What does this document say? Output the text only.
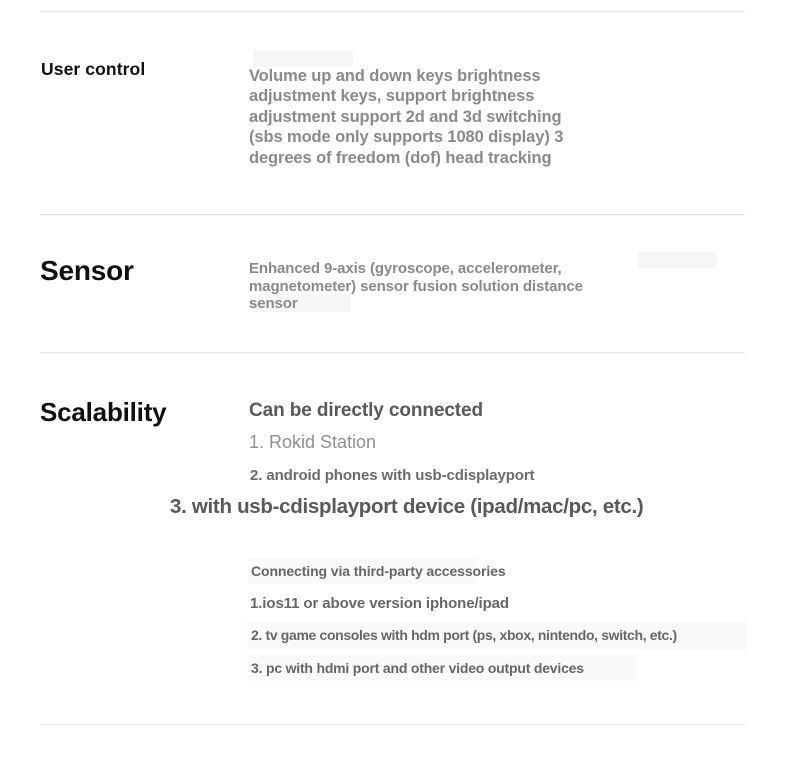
User control	Volume up and down keys brightness
adjustment keys, support brightness
adjustment support 2d and 3d switching
(sbs mode only supports 1080 display) 3
degrees of freedom (dof) head tracking
Sensor	Enhanced 9-axis (gyroscope, accelerometer,
magnetometer) sensor fusion solution distance
sensor
Scalability	Can be directly connected
1. Rokid Station
2. android phones with usb-cdisplayport
3. with usb-cdisplayport device (ipad/mac/pc, etc.)
Connecting via third-party accessories
1.ios11 or above version iphone/ipad
2. tv game consoles with hdm port (ps, xbox, nintendo, switch, etc.)
3. pc with hdmi port and other video output devices
